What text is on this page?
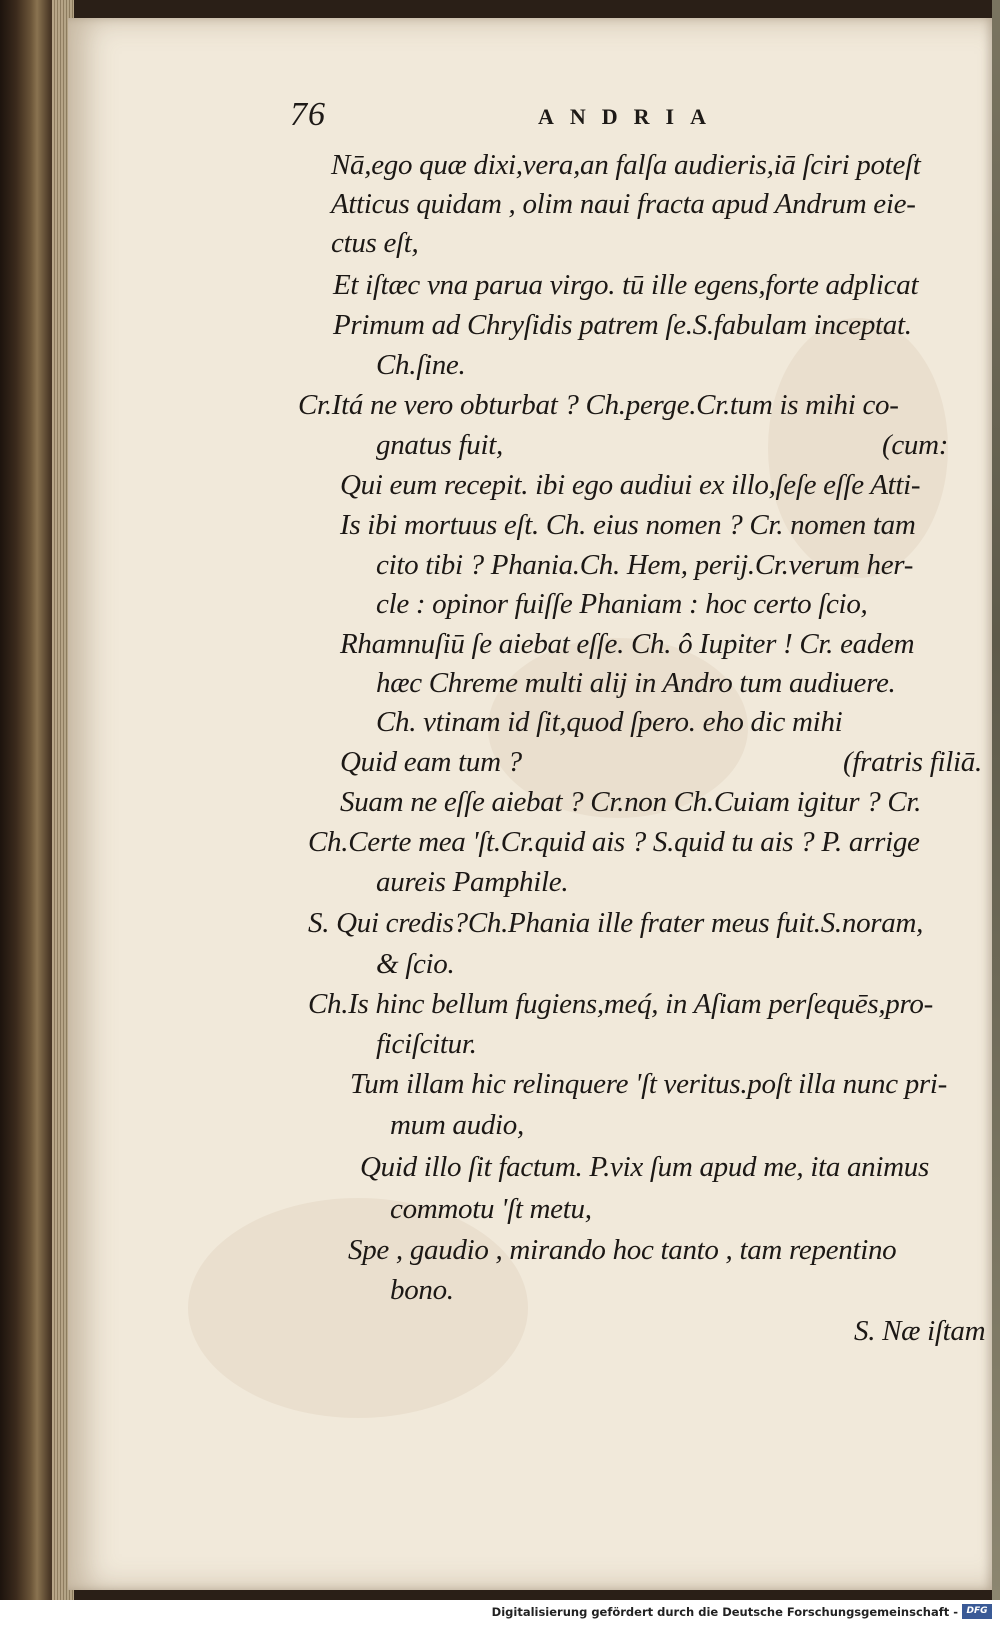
76	ANDRIA
Nā,ego quæ dixi,vera,an falſa audieris,iā ſciri poteſt
Atticus quidam , olim naui fracta apud Andrum eie-
ctus eſt,
Et iſtæc vna parua virgo. tū ille egens,forte adplicat
Primum ad Chryſidis patrem ſe.S.fabulam inceptat.
Ch.ſine.
Cr.Itá ne vero obturbat ? Ch.perge.Cr.tum is mihi co-
gnatus fuit,	(cum:
Qui eum recepit. ibi ego audiui ex illo,ſeſe eſſe Atti-
Is ibi mortuus eſt. Ch. eius nomen ? Cr. nomen tam
cito tibi ? Phania.Ch. Hem, perij.Cr.verum her-
cle : opinor fuiſſe Phaniam : hoc certo ſcio,
Rhamnuſiū ſe aiebat eſſe. Ch. ô Iupiter ! Cr. eadem
hæc Chreme multi alij in Andro tum audiuere.
Ch. vtinam id ſit,quod ſpero. eho dic mihi
Quid eam tum ?	(fratris filiā.
Suam ne eſſe aiebat ? Cr.non Ch.Cuiam igitur ? Cr.
Ch.Certe mea 'ſt.Cr.quid ais ? S.quid tu ais ? P. arrige
aureis Pamphile.
S. Qui credis?Ch.Phania ille frater meus fuit.S.noram,
& ſcio.
Ch.Is hinc bellum fugiens,meq́, in Aſiam perſequēs,pro-
ficiſcitur.
Tum illam hic relinquere 'ſt veritus.poſt illa nunc pri-
mum audio,
Quid illo ſit factum. P.vix ſum apud me, ita animus
commotu 'ſt metu,
Spe , gaudio , mirando hoc tanto , tam repentino
bono.
S. Næ iſtam
Digitalisierung gefördert durch die Deutsche Forschungsgemeinschaft - DFG
